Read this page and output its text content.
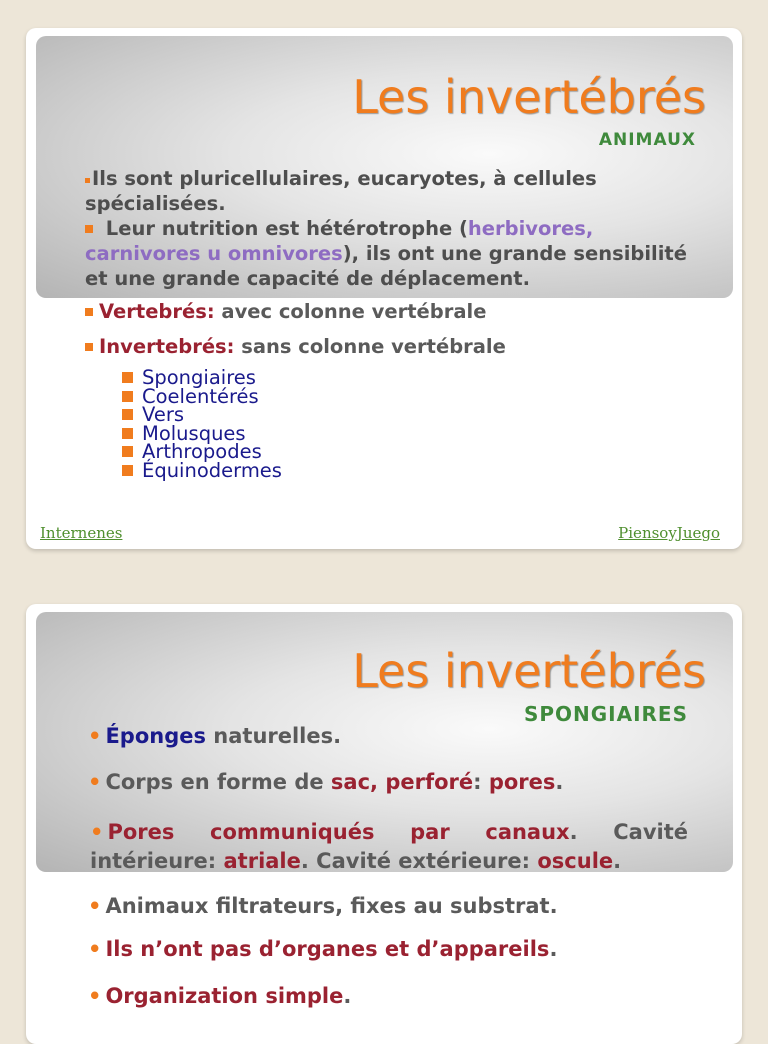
Les invertébrés
ANIMAUX

Ils sont pluricellulaires, eucaryotes, à cellules spécialisées.

Leur nutrition est hétérotrophe (herbivores, carnivores u omnivores), ils ont une grande sensibilité et une grande capacité de déplacement.

Vertebrés: avec colonne vertébrale
Invertebrés: sans colonne vertébrale
Spongiaires
Coelentérés
Vers
Molusques
Arthropodes
Équinodermes
Internenes	PiensoyJuego
Les invertébrés
SPONGIAIRES
• Éponges naturelles.
• Corps en forme de sac, perforé: pores.

• Pores communiqués par canaux. Cavité intérieure: atriale. Cavité extérieure: oscule.

• Animaux filtrateurs, fixes au substrat.
• Ils n’ont pas d’organes et d’appareils.
• Organization simple.
